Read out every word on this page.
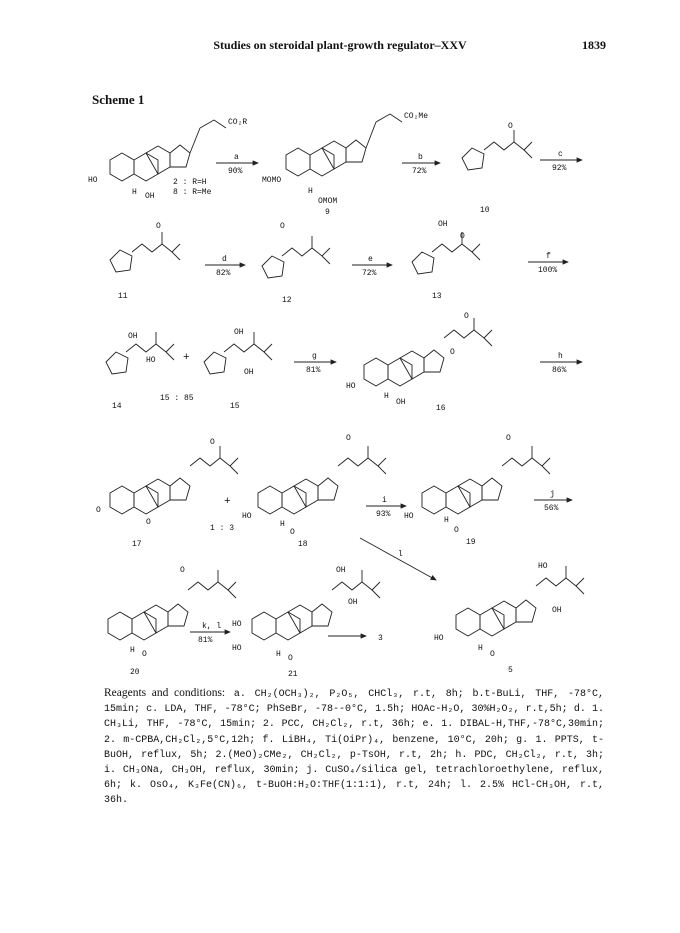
Studies on steroidal plant-growth regulator–XXV	1839
Scheme 1
CO₂R
HO
H OH
2 : R=H
8 : R=Me
a
90%
CO₂Me
MOMO
H
OMOM
9
b
72%
O
10
c
92%
O
11
d
82%
O
12
e
72%
OH
O
13
f
100%
OH
HO
14
+
15 : 85
OH
OH
15
g
81%
O
O
HO
H
OH
16
h
86%
O
O
O
17
+
1 : 3
O
HO
H
O
18
i
93%
O
HO	H
O
19
j
56%
l
O
H O
20
k, l
81%
OH
OH
HO
HO
H O
21
3
HO
OH
HO
H
O
5
Reagents and conditions: a. CH₂(OCH₃)₂, P₂O₅, CHCl₃, r.t, 8h; b.t-BuLi, THF, -78°C, 15min; c. LDA, THF, -78°C; PhSeBr, -78--0°C, 1.5h; HOAc-H₂O, 30%H₂O₂, r.t,5h; d. 1. CH₃Li, THF, -78°C, 15min; 2. PCC, CH₂Cl₂, r.t, 36h; e. 1. DIBAL-H,THF,-78°C,30min; 2. m-CPBA,CH₂Cl₂,5°C,12h; f. LiBH₄, Ti(OiPr)₄, benzene, 10°C, 20h; g. 1. PPTS, t-BuOH, reflux, 5h; 2.(MeO)₂CMe₂, CH₂Cl₂, p-TsOH, r.t, 2h; h. PDC, CH₂Cl₂, r.t, 3h; i. CH₃ONa, CH₃OH, reflux, 30min; j. CuSO₄/silica gel, tetrachloroethylene, reflux, 6h; k. OsO₄, K₃Fe(CN)₆, t-BuOH:H₂O:THF(1:1:1), r.t, 24h; l. 2.5% HCl-CH₃OH, r.t, 36h.
